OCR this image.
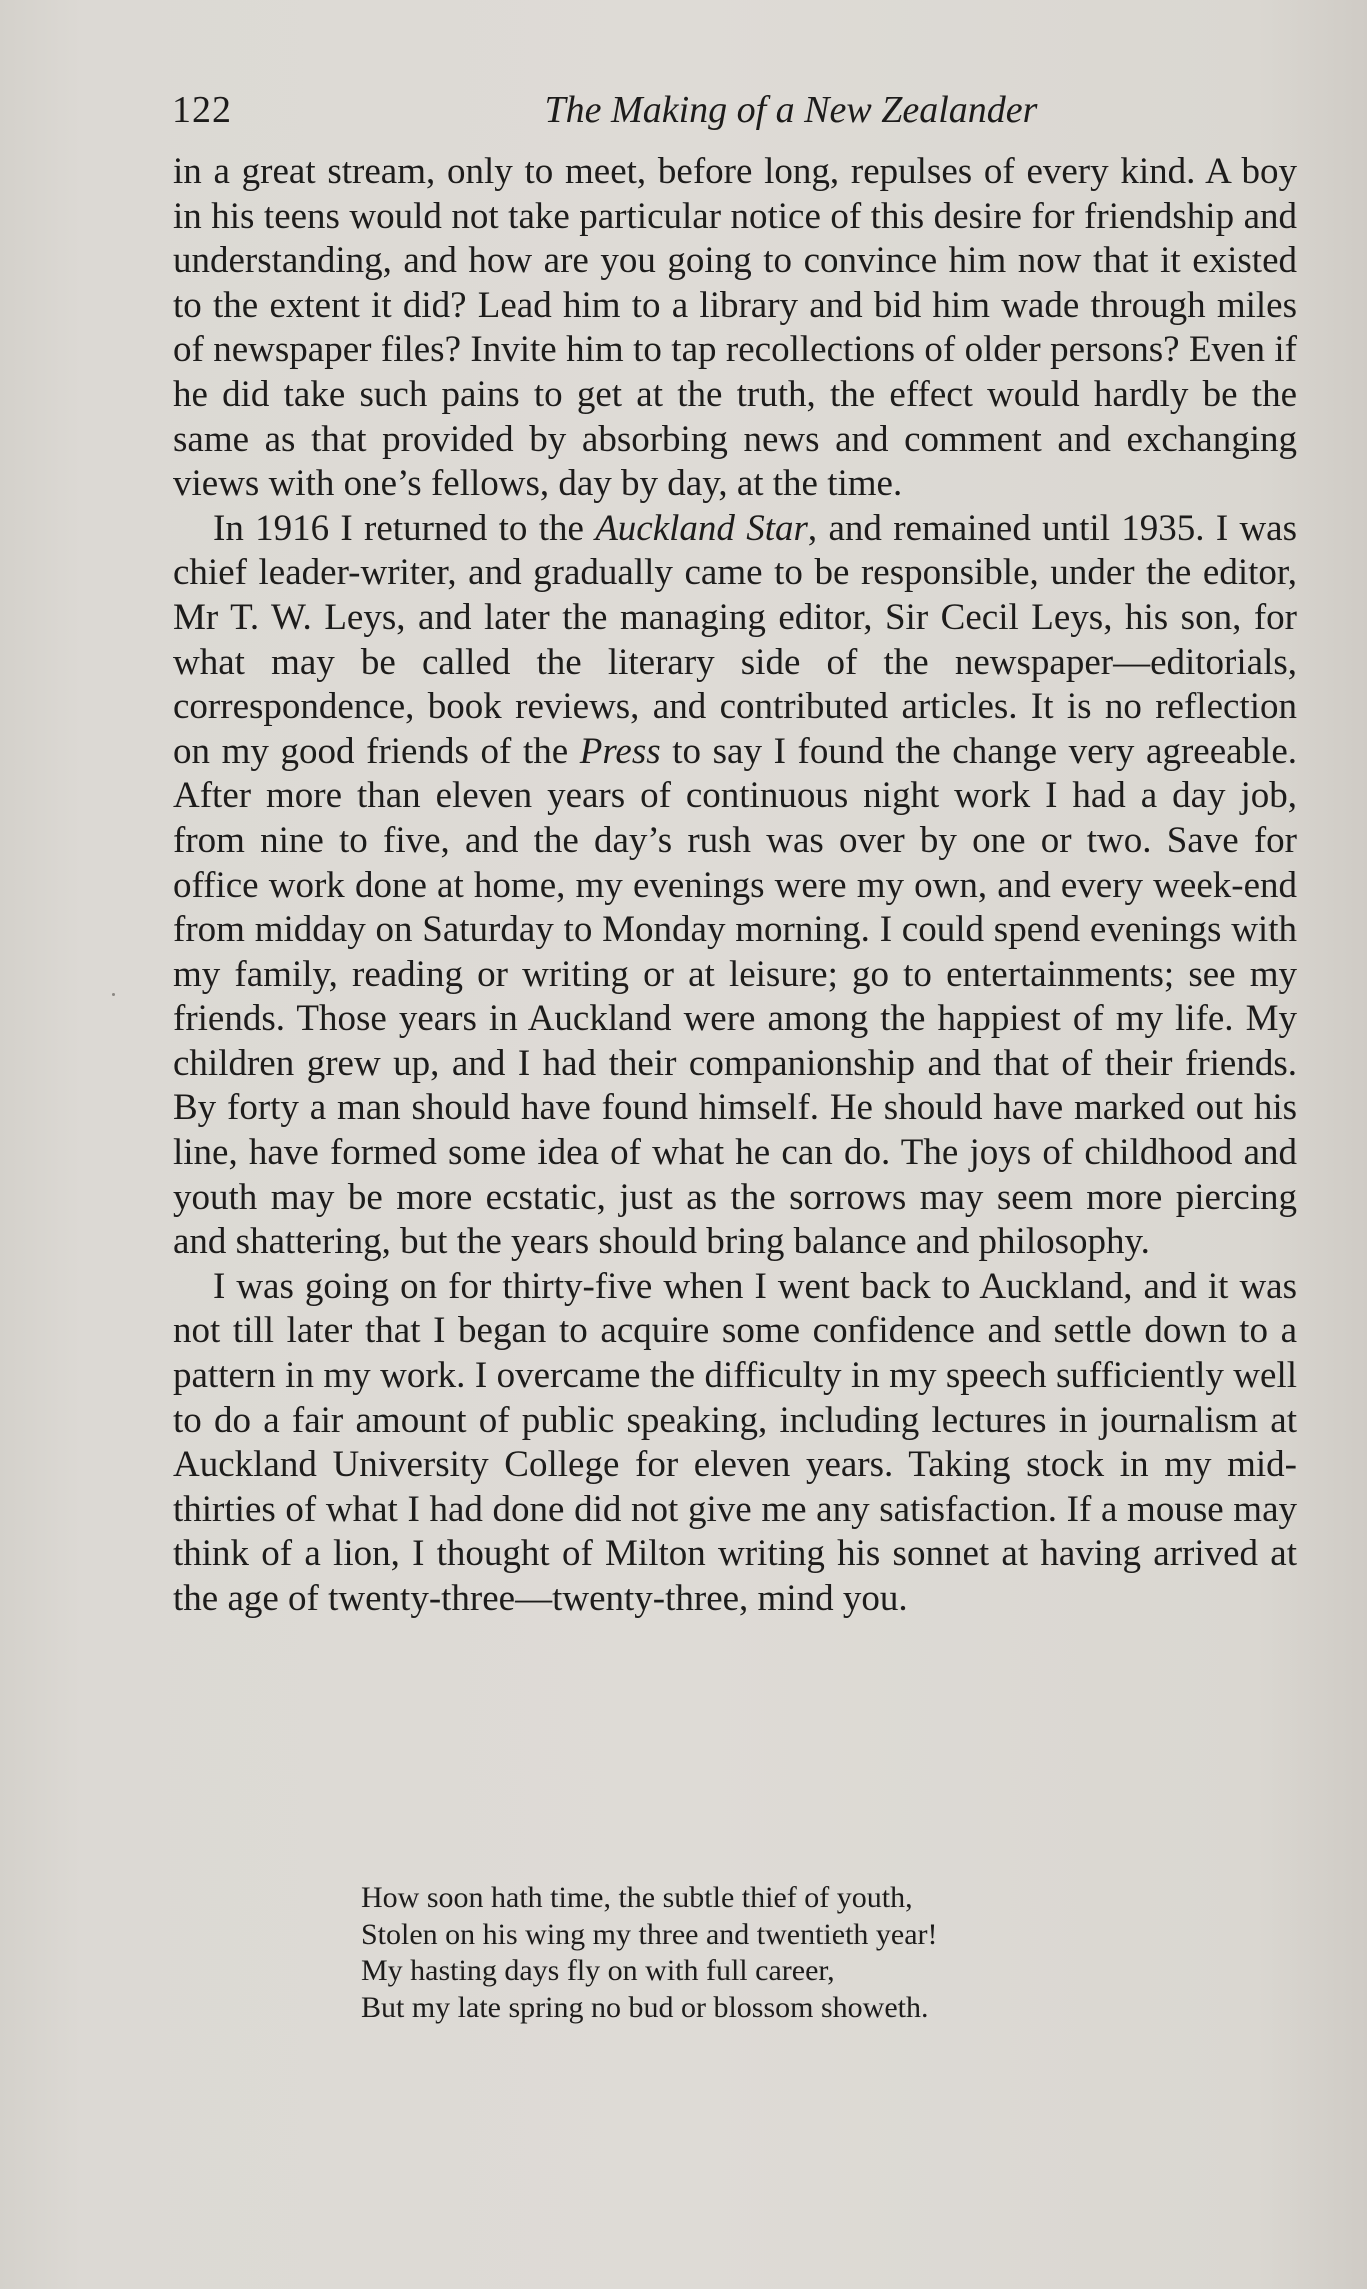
122	The Making of a New Zealander

in a great stream, only to meet, before long, repulses of every kind. A boy in his teens would not take particular notice of this desire for friendship and understanding, and how are you going to convince him now that it existed to the extent it did? Lead him to a library and bid him wade through miles of newspaper files? Invite him to tap recollections of older persons? Even if he did take such pains to get at the truth, the effect would hardly be the same as that provided by absorbing news and comment and exchanging views with one’s fellows, day by day, at the time.

In 1916 I returned to the Auckland Star, and remained until 1935. I was chief leader-writer, and gradually came to be responsible, under the editor, Mr T. W. Leys, and later the managing editor, Sir Cecil Leys, his son, for what may be called the literary side of the newspaper—editorials, correspondence, book reviews, and contributed articles. It is no reflection on my good friends of the Press to say I found the change very agreeable. After more than eleven years of continuous night work I had a day job, from nine to five, and the day’s rush was over by one or two. Save for office work done at home, my evenings were my own, and every week-end from midday on Saturday to Monday morning. I could spend evenings with my family, reading or writing or at leisure; go to entertainments; see my friends. Those years in Auckland were among the happiest of my life. My children grew up, and I had their companionship and that of their friends. By forty a man should have found himself. He should have marked out his line, have formed some idea of what he can do. The joys of childhood and youth may be more ecstatic, just as the sorrows may seem more piercing and shattering, but the years should bring balance and philosophy.

I was going on for thirty-five when I went back to Auckland, and it was not till later that I began to acquire some confidence and settle down to a pattern in my work. I overcame the difficulty in my speech sufficiently well to do a fair amount of public speaking, including lectures in journalism at Auckland University College for eleven years. Taking stock in my mid-thirties of what I had done did not give me any satisfaction. If a mouse may think of a lion, I thought of Milton writing his sonnet at having arrived at the age of twenty-three—twenty-three, mind you.

How soon hath time, the subtle thief of youth,
Stolen on his wing my three and twentieth year!
My hasting days fly on with full career,
But my late spring no bud or blossom showeth.
